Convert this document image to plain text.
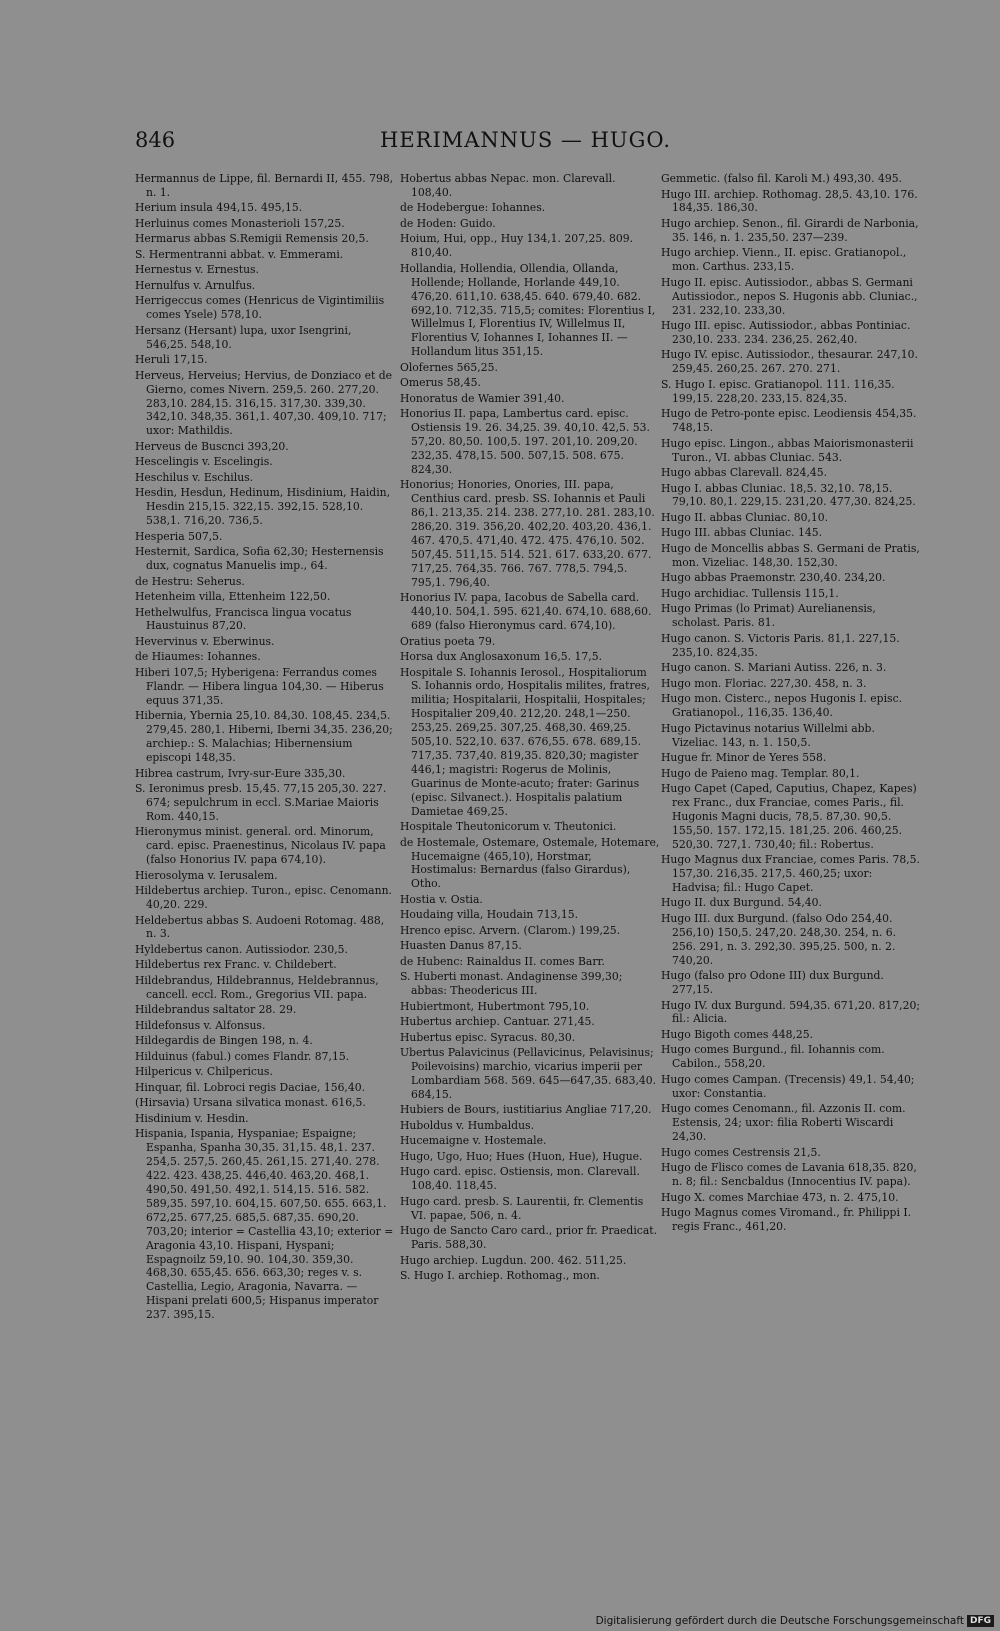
846	HERIMANNUS — HUGO.

Hermannus de Lippe, fil. Bernardi II, 455. 798, n. 1.

Herium insula 494,15. 495,15.

Herluinus comes Monasterioli 157,25.

Hermarus abbas S.Remigii Remensis 20,5.

S. Hermentranni abbat. v. Emmerami.

Hernestus v. Ernestus.

Hernulfus v. Arnulfus.

Herrigeccus comes (Henricus de Vigintimiliis comes Ysele) 578,10.

Hersanz (Hersant) lupa, uxor Isengrini, 546,25. 548,10.

Heruli 17,15.

Herveus, Herveius; Hervius, de Donziaco et de Gierno, comes Nivern. 259,5. 260. 277,20. 283,10. 284,15. 316,15. 317,30. 339,30. 342,10. 348,35. 361,1. 407,30. 409,10. 717; uxor: Mathildis.

Herveus de Buscnci 393,20.

Hescelingis v. Escelingis.

Heschilus v. Eschilus.

Hesdin, Hesdun, Hedinum, Hisdinium, Haidin, Hesdin 215,15. 322,15. 392,15. 528,10. 538,1. 716,20. 736,5.

Hesperia 507,5.

Hesternit, Sardica, Sofia 62,30; Hesternensis dux, cognatus Manuelis imp., 64.

de Hestru: Seherus.

Hetenheim villa, Ettenheim 122,50.

Hethelwulfus, Francisca lingua vocatus Haustuinus 87,20.

Hevervinus v. Eberwinus.

de Hiaumes: Iohannes.

Hiberi 107,5; Hyberigena: Ferrandus comes Flandr. — Hibera lingua 104,30. — Hiberus equus 371,35.

Hibernia, Ybernia 25,10. 84,30. 108,45. 234,5. 279,45. 280,1. Hiberni, Iberni 34,35. 236,20; archiep.: S. Malachias; Hibernensium episcopi 148,35.

Hibrea castrum, Ivry-sur-Eure 335,30.

S. Ieronimus presb. 15,45. 77,15 205,30. 227. 674; sepulchrum in eccl. S.Mariae Maioris Rom. 440,15.

Hieronymus minist. general. ord. Minorum, card. episc. Praenestinus, Nicolaus IV. papa (falso Honorius IV. papa 674,10).

Hierosolyma v. Ierusalem.

Hildebertus archiep. Turon., episc. Cenomann. 40,20. 229.

Heldebertus abbas S. Audoeni Rotomag. 488, n. 3.

Hyldebertus canon. Autissiodor. 230,5.

Hildebertus rex Franc. v. Childebert.

Hildebrandus, Hildebrannus, Heldebrannus, cancell. eccl. Rom., Gregorius VII. papa.

Hildebrandus saltator 28. 29.

Hildefonsus v. Alfonsus.

Hildegardis de Bingen 198, n. 4.

Hilduinus (fabul.) comes Flandr. 87,15.

Hilpericus v. Chilpericus.

Hinquar, fil. Lobroci regis Daciae, 156,40.

(Hirsavia) Ursana silvatica monast. 616,5.

Hisdinium v. Hesdin.

Hispania, Ispania, Hyspaniae; Espaigne; Espanha, Spanha 30,35. 31,15. 48,1. 237. 254,5. 257,5. 260,45. 261,15. 271,40. 278. 422. 423. 438,25. 446,40. 463,20. 468,1. 490,50. 491,50. 492,1. 514,15. 516. 582. 589,35. 597,10. 604,15. 607,50. 655. 663,1. 672,25. 677,25. 685,5. 687,35. 690,20. 703,20; interior = Castellia 43,10; exterior = Aragonia 43,10. Hispani, Hyspani; Espagnoilz 59,10. 90. 104,30. 359,30. 468,30. 655,45. 656. 663,30; reges v. s. Castellia, Legio, Aragonia, Navarra. — Hispani prelati 600,5; Hispanus imperator 237. 395,15.

Hobertus abbas Nepac. mon. Clarevall. 108,40.

de Hodebergue: Iohannes.

de Hoden: Guido.

Hoium, Hui, opp., Huy 134,1. 207,25. 809. 810,40.

Hollandia, Hollendia, Ollendia, Ollanda, Hollende; Hollande, Horlande 449,10. 476,20. 611,10. 638,45. 640. 679,40. 682. 692,10. 712,35. 715,5; comites: Florentius I, Willelmus I, Florentius IV, Willelmus II, Florentius V, Iohannes I, Iohannes II. — Hollandum litus 351,15.

Olofernes 565,25.

Omerus 58,45.

Honoratus de Wamier 391,40.

Honorius II. papa, Lambertus card. episc. Ostiensis 19. 26. 34,25. 39. 40,10. 42,5. 53. 57,20. 80,50. 100,5. 197. 201,10. 209,20. 232,35. 478,15. 500. 507,15. 508. 675. 824,30.

Honorius; Honories, Onories, III. papa, Centhius card. presb. SS. Iohannis et Pauli 86,1. 213,35. 214. 238. 277,10. 281. 283,10. 286,20. 319. 356,20. 402,20. 403,20. 436,1. 467. 470,5. 471,40. 472. 475. 476,10. 502. 507,45. 511,15. 514. 521. 617. 633,20. 677. 717,25. 764,35. 766. 767. 778,5. 794,5. 795,1. 796,40.

Honorius IV. papa, Iacobus de Sabella card. 440,10. 504,1. 595. 621,40. 674,10. 688,60. 689 (falso Hieronymus card. 674,10).

Oratius poeta 79.

Horsa dux Anglosaxonum 16,5. 17,5.

Hospitale S. Iohannis Ierosol., Hospitaliorum S. Iohannis ordo, Hospitalis milites, fratres, militia; Hospitalarii, Hospitalii, Hospitales; Hospitalier 209,40. 212,20. 248,1—250. 253,25. 269,25. 307,25. 468,30. 469,25. 505,10. 522,10. 637. 676,55. 678. 689,15. 717,35. 737,40. 819,35. 820,30; magister 446,1; magistri: Rogerus de Molinis, Guarinus de Monte-acuto; frater: Garinus (episc. Silvanect.). Hospitalis palatium Damietae 469,25.

Hospitale Theutonicorum v. Theutonici.

de Hostemale, Ostemare, Ostemale, Hotemare, Hucemaigne (465,10), Horstmar, Hostimalus: Bernardus (falso Girardus), Otho.

Hostia v. Ostia.

Houdaing villa, Houdain 713,15.

Hrenco episc. Arvern. (Clarom.) 199,25.

Huasten Danus 87,15.

de Hubenc: Rainaldus II. comes Barr.

S. Huberti monast. Andaginense 399,30; abbas: Theodericus III.

Hubiertmont, Hubertmont 795,10.

Hubertus archiep. Cantuar. 271,45.

Hubertus episc. Syracus. 80,30.

Ubertus Palavicinus (Pellavicinus, Pelavisinus; Poilevoisins) marchio, vicarius imperii per Lombardiam 568. 569. 645—647,35. 683,40. 684,15.

Hubiers de Bours, iustitiarius Angliae 717,20.

Huboldus v. Humbaldus.

Hucemaigne v. Hostemale.

Hugo, Ugo, Huo; Hues (Huon, Hue), Hugue.

Hugo card. episc. Ostiensis, mon. Clarevall. 108,40. 118,45.

Hugo card. presb. S. Laurentii, fr. Clementis VI. papae, 506, n. 4.

Hugo de Sancto Caro card., prior fr. Praedicat. Paris. 588,30.

Hugo archiep. Lugdun. 200. 462. 511,25.

S. Hugo I. archiep. Rothomag., mon.

Gemmetic. (falso fil. Karoli M.) 493,30. 495.

Hugo III. archiep. Rothomag. 28,5. 43,10. 176. 184,35. 186,30.

Hugo archiep. Senon., fil. Girardi de Narbonia, 35. 146, n. 1. 235,50. 237—239.

Hugo archiep. Vienn., II. episc. Gratianopol., mon. Carthus. 233,15.

Hugo II. episc. Autissiodor., abbas S. Germani Autissiodor., nepos S. Hugonis abb. Cluniac., 231. 232,10. 233,30.

Hugo III. episc. Autissiodor., abbas Pontiniac. 230,10. 233. 234. 236,25. 262,40.

Hugo IV. episc. Autissiodor., thesaurar. 247,10. 259,45. 260,25. 267. 270. 271.

S. Hugo I. episc. Gratianopol. 111. 116,35. 199,15. 228,20. 233,15. 824,35.

Hugo de Petro-ponte episc. Leodiensis 454,35. 748,15.

Hugo episc. Lingon., abbas Maiorismonasterii Turon., VI. abbas Cluniac. 543.

Hugo abbas Clarevall. 824,45.

Hugo I. abbas Cluniac. 18,5. 32,10. 78,15. 79,10. 80,1. 229,15. 231,20. 477,30. 824,25.

Hugo II. abbas Cluniac. 80,10.

Hugo III. abbas Cluniac. 145.

Hugo de Moncellis abbas S. Germani de Pratis, mon. Vizeliac. 148,30. 152,30.

Hugo abbas Praemonstr. 230,40. 234,20.

Hugo archidiac. Tullensis 115,1.

Hugo Primas (lo Primat) Aurelianensis, scholast. Paris. 81.

Hugo canon. S. Victoris Paris. 81,1. 227,15. 235,10. 824,35.

Hugo canon. S. Mariani Autiss. 226, n. 3.

Hugo mon. Floriac. 227,30. 458, n. 3.

Hugo mon. Cisterc., nepos Hugonis I. episc. Gratianopol., 116,35. 136,40.

Hugo Pictavinus notarius Willelmi abb. Vizeliac. 143, n. 1. 150,5.

Hugue fr. Minor de Yeres 558.

Hugo de Paieno mag. Templar. 80,1.

Hugo Capet (Caped, Caputius, Chapez, Kapes) rex Franc., dux Franciae, comes Paris., fil. Hugonis Magni ducis, 78,5. 87,30. 90,5. 155,50. 157. 172,15. 181,25. 206. 460,25. 520,30. 727,1. 730,40; fil.: Robertus.

Hugo Magnus dux Franciae, comes Paris. 78,5. 157,30. 216,35. 217,5. 460,25; uxor: Hadvisa; fil.: Hugo Capet.

Hugo II. dux Burgund. 54,40.

Hugo III. dux Burgund. (falso Odo 254,40. 256,10) 150,5. 247,20. 248,30. 254, n. 6. 256. 291, n. 3. 292,30. 395,25. 500, n. 2. 740,20.

Hugo (falso pro Odone III) dux Burgund. 277,15.

Hugo IV. dux Burgund. 594,35. 671,20. 817,20; fil.: Alicia.

Hugo Bigoth comes 448,25.

Hugo comes Burgund., fil. Iohannis com. Cabilon., 558,20.

Hugo comes Campan. (Trecensis) 49,1. 54,40; uxor: Constantia.

Hugo comes Cenomann., fil. Azzonis II. com. Estensis, 24; uxor: filia Roberti Wiscardi 24,30.

Hugo comes Cestrensis 21,5.

Hugo de Flisco comes de Lavania 618,35. 820, n. 8; fil.: Sencbaldus (Innocentius IV. papa).

Hugo X. comes Marchiae 473, n. 2. 475,10.

Hugo Magnus comes Viromand., fr. Philippi I. regis Franc., 461,20.

Digitalisierung gefördert durch die Deutsche Forschungsgemeinschaft DFG
